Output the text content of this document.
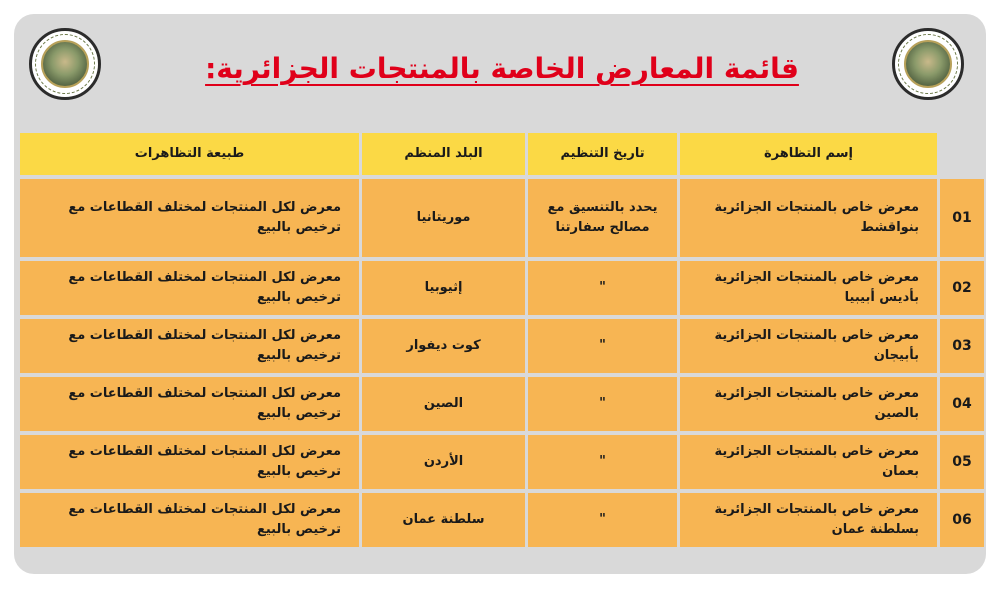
قائمة المعارض الخاصة بالمنتجات الجزائرية:
إسم التظاهرة
تاريخ التنظيم
البلد المنظم
طبيعة التظاهرات
01
معرض خاص بالمنتجات الجزائرية بنواقشط
يحدد بالتنسيق مع مصالح سفارتنا
موريتانيا
معرض لكل المنتجات لمختلف القطاعات مع ترخيص بالبيع
02
معرض خاص بالمنتجات الجزائرية بأديس أبيبيا
"
إثيوبيا
معرض لكل المنتجات لمختلف القطاعات مع ترخيص بالبيع
03
معرض خاص بالمنتجات الجزائرية بأبيجان
"
كوت ديفوار
معرض لكل المنتجات لمختلف القطاعات مع ترخيص بالبيع
04
معرض خاص بالمنتجات الجزائرية بالصين
"
الصين
معرض لكل المنتجات لمختلف القطاعات مع ترخيص بالبيع
05
معرض خاص بالمنتجات الجزائرية بعمان
"
الأردن
معرض لكل المنتجات لمختلف القطاعات مع ترخيص بالبيع
06
معرض خاص بالمنتجات الجزائرية بسلطنة عمان
"
سلطنة عمان
معرض لكل المنتجات لمختلف القطاعات مع ترخيص بالبيع
